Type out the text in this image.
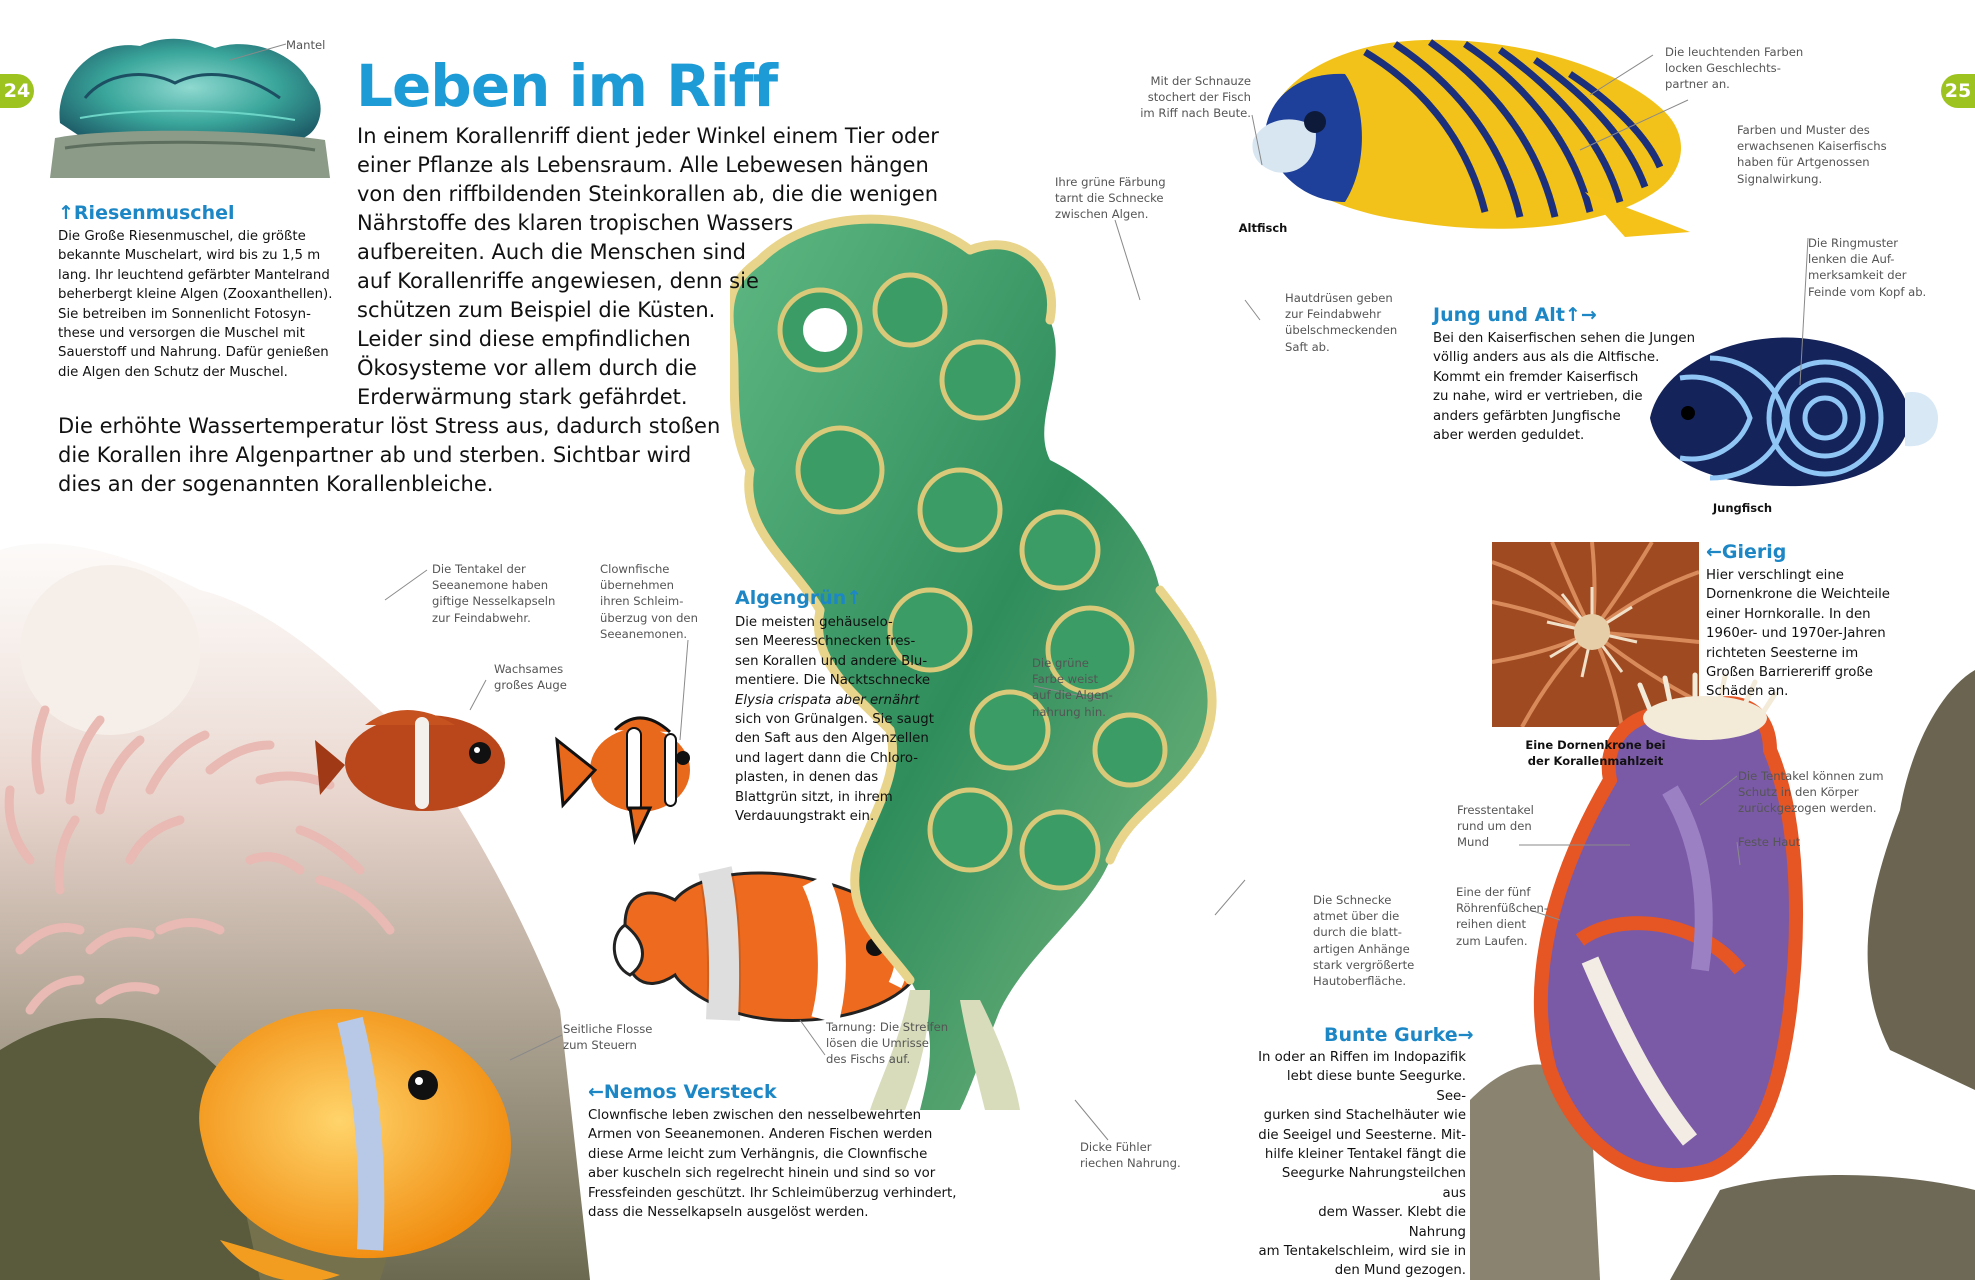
24	25
Leben im Riff
In einem Korallenriff dient jeder Winkel einem Tier oder
einer Pflanze als Lebensraum. Alle Lebewesen hängen
von den riffbildenden Steinkorallen ab, die die wenigen
Nährstoffe des klaren tropischen Wassers
aufbereiten. Auch die Menschen sind
auf Korallenriffe angewiesen, denn sie
schützen zum Beispiel die Küsten.
Leider sind diese empfindlichen
Ökosysteme vor allem durch die
Erderwärmung stark gefährdet.
Die erhöhte Wassertemperatur löst Stress aus, dadurch stoßen
die Korallen ihre Algenpartner ab und sterben. Sichtbar wird
dies an der sogenannten Korallenbleiche.
Mantel
↑Riesenmuschel
Die Große Riesenmuschel, die größte
bekannte Muschelart, wird bis zu 1,5 m
lang. Ihr leuchtend gefärbter Mantelrand
beherbergt kleine Algen (Zooxanthellen).
Sie betreiben im Sonnenlicht Fotosyn-
these und versorgen die Muschel mit
Sauerstoff und Nahrung. Dafür genießen
die Algen den Schutz der Muschel.
Die Tentakel der
Seeanemone haben
giftige Nesselkapseln
zur Feindabwehr.
Wachsames
großes Auge
Clownfische
übernehmen
ihren Schleim-
überzug von den
Seeanemonen.
Seitliche Flosse
zum Steuern
Tarnung: Die Streifen
lösen die Umrisse
des Fischs auf.
←Nemos Versteck
Clownfische leben zwischen den nesselbewehrten
Armen von Seeanemonen. Anderen Fischen werden
diese Arme leicht zum Verhängnis, die Clownfische
aber kuscheln sich regelrecht hinein und sind so vor
Fressfeinden geschützt. Ihr Schleimüberzug verhindert,
dass die Nesselkapseln ausgelöst werden.
Algengrün↑
Die meisten gehäuselo-
sen Meeresschnecken fres-
sen Korallen und andere Blu-
mentiere. Die Nacktschnecke
Elysia crispata aber ernährt
sich von Grünalgen. Sie saugt
den Saft aus den Algenzellen
und lagert dann die Chloro-
plasten, in denen das
Blattgrün sitzt, in ihrem
Verdauungstrakt ein.
Ihre grüne Färbung
tarnt die Schnecke
zwischen Algen.
Hautdrüsen geben
zur Feindabwehr
übelschmeckenden
Saft ab.
Die grüne
Farbe weist
auf die Algen-
nahrung hin.
Die Schnecke
atmet über die
durch die blatt-
artigen Anhänge
stark vergrößerte
Hautoberfläche.
Dicke Fühler
riechen Nahrung.
Mit der Schnauze
stochert der Fisch
im Riff nach Beute.
Die leuchtenden Farben
locken Geschlechts-
partner an.
Farben und Muster des
erwachsenen Kaiserfischs
haben für Artgenossen
Signalwirkung.
Die Ringmuster
lenken die Auf-
merksamkeit der
Feinde vom Kopf ab.
Altfisch
Jungfisch
Jung und Alt↑→
Bei den Kaiserfischen sehen die Jungen
völlig anders aus als die Altfische.
Kommt ein fremder Kaiserfisch
zu nahe, wird er vertrieben, die
anders gefärbten Jungfische
aber werden geduldet.
←Gierig
Hier verschlingt eine
Dornenkrone die Weichteile
einer Hornkoralle. In den
1960er- und 1970er-Jahren
richteten Seesterne im
Großen Barriereriff große
Schäden an.
Eine Dornenkrone bei
der Korallenmahlzeit
Fresstentakel
rund um den
Mund
Die Tentakel können zum
Schutz in den Körper
zurückgezogen werden.
Feste Haut
Eine der fünf
Röhrenfüßchen-
reihen dient
zum Laufen.
Bunte Gurke→
In oder an Riffen im Indopazifik
lebt diese bunte Seegurke. See-
gurken sind Stachelhäuter wie
die Seeigel und Seesterne. Mit-
hilfe kleiner Tentakel fängt die
Seegurke Nahrungsteilchen aus
dem Wasser. Klebt die Nahrung
am Tentakelschleim, wird sie in
den Mund gezogen.
